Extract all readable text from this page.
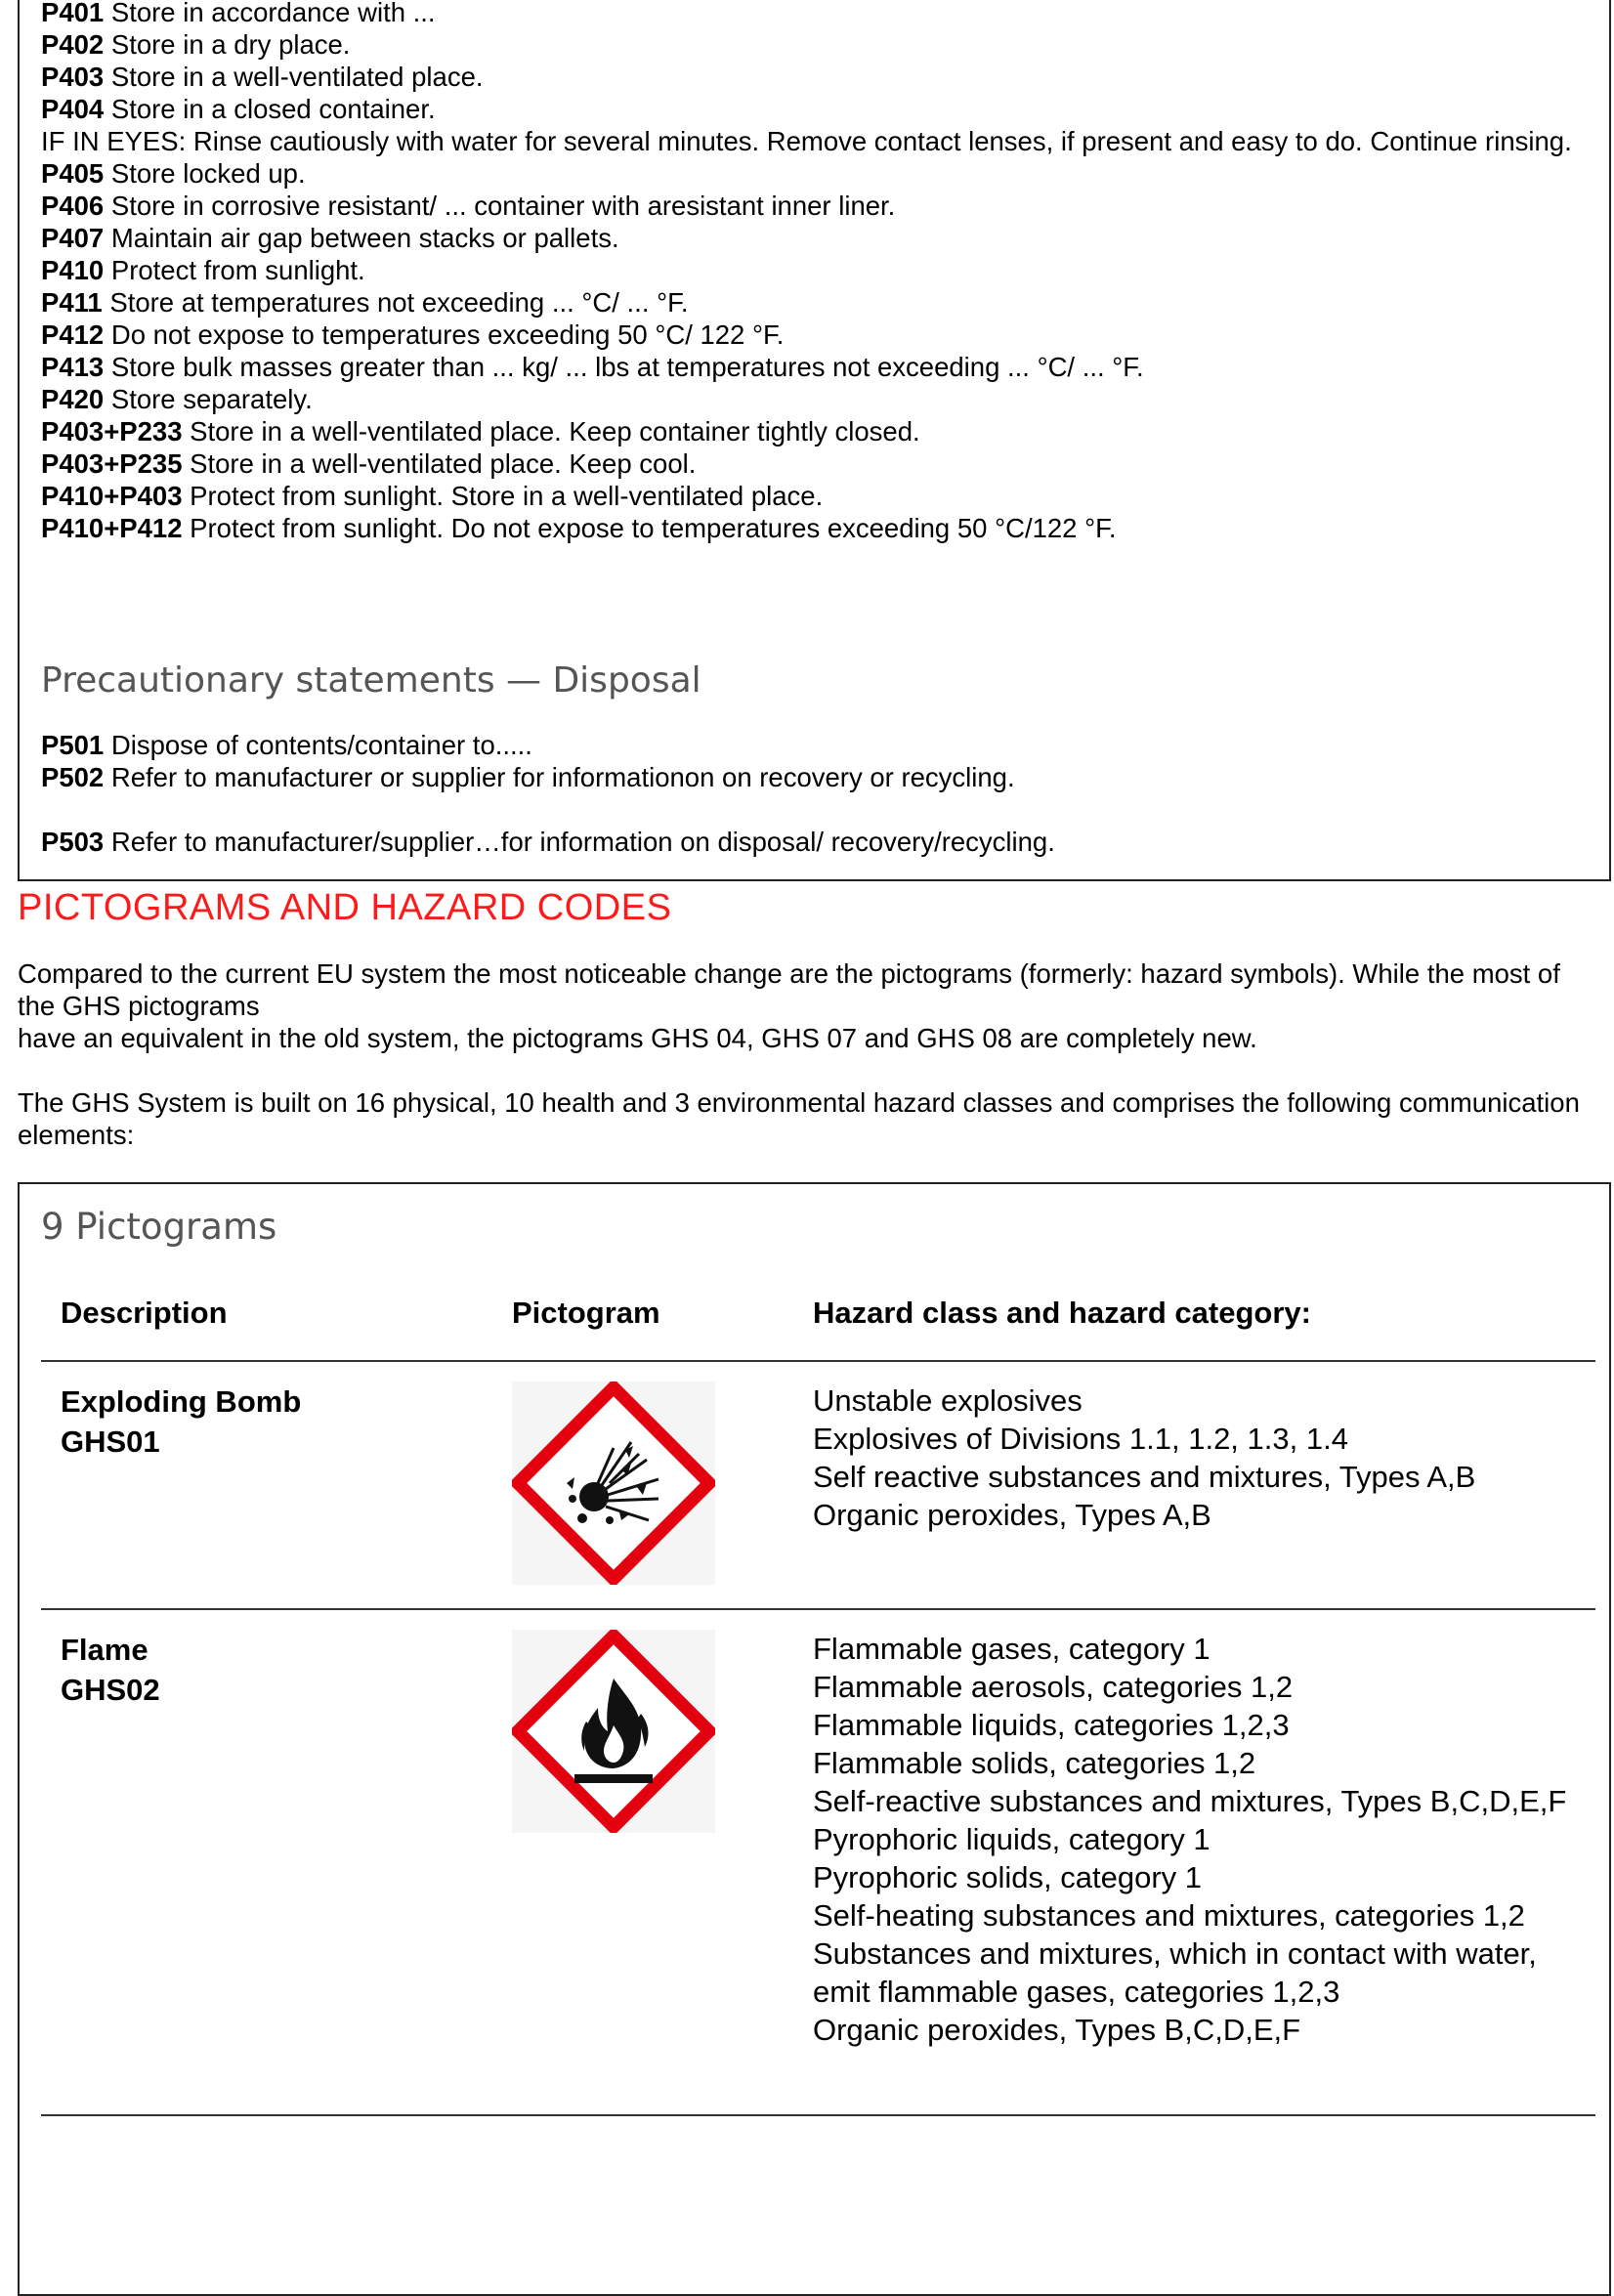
P401 Store in accordance with ...
P402 Store in a dry place.
P403 Store in a well-ventilated place.
P404 Store in a closed container.
IF IN EYES: Rinse cautiously with water for several minutes. Remove contact lenses, if present and easy to do. Continue rinsing.
P405 Store locked up.
P406 Store in corrosive resistant/ ... container with aresistant inner liner.
P407 Maintain air gap between stacks or pallets.
P410 Protect from sunlight.
P411 Store at temperatures not exceeding ... °C/ ... °F.
P412 Do not expose to temperatures exceeding 50 °C/ 122 °F.
P413 Store bulk masses greater than ... kg/ ... lbs at temperatures not exceeding ... °C/ ... °F.
P420 Store separately.
P403+P233 Store in a well-ventilated place. Keep container tightly closed.
P403+P235 Store in a well-ventilated place. Keep cool.
P410+P403 Protect from sunlight. Store in a well-ventilated place.
P410+P412 Protect from sunlight. Do not expose to temperatures exceeding 50 °C/122 °F.
Precautionary statements — Disposal
P501 Dispose of contents/container to.....
P502 Refer to manufacturer or supplier for informationon on recovery or recycling.
P503 Refer to manufacturer/supplier…for information on disposal/ recovery/recycling.
PICTOGRAMS AND HAZARD CODES

Compared to the current EU system the most noticeable change are the pictograms (formerly: hazard symbols). While the most of the GHS pictograms

have an equivalent in the old system, the pictograms GHS 04, GHS 07 and GHS 08 are completely new.

The GHS System is built on 16 physical, 10 health and 3 environmental hazard classes and comprises the following communication elements:

9 Pictograms
Description	Pictogram	Hazard class and hazard category:
Exploding Bomb
GHS01
Unstable explosives
Explosives of Divisions 1.1, 1.2, 1.3, 1.4
Self reactive substances and mixtures, Types A,B
Organic peroxides, Types A,B
Flame
GHS02
Flammable gases, category 1
Flammable aerosols, categories 1,2
Flammable liquids, categories 1,2,3
Flammable solids, categories 1,2
Self-reactive substances and mixtures, Types B,C,D,E,F
Pyrophoric liquids, category 1
Pyrophoric solids, category 1
Self-heating substances and mixtures, categories 1,2
Substances and mixtures, which in contact with water, emit flammable gases, categories 1,2,3
Organic peroxides, Types B,C,D,E,F
